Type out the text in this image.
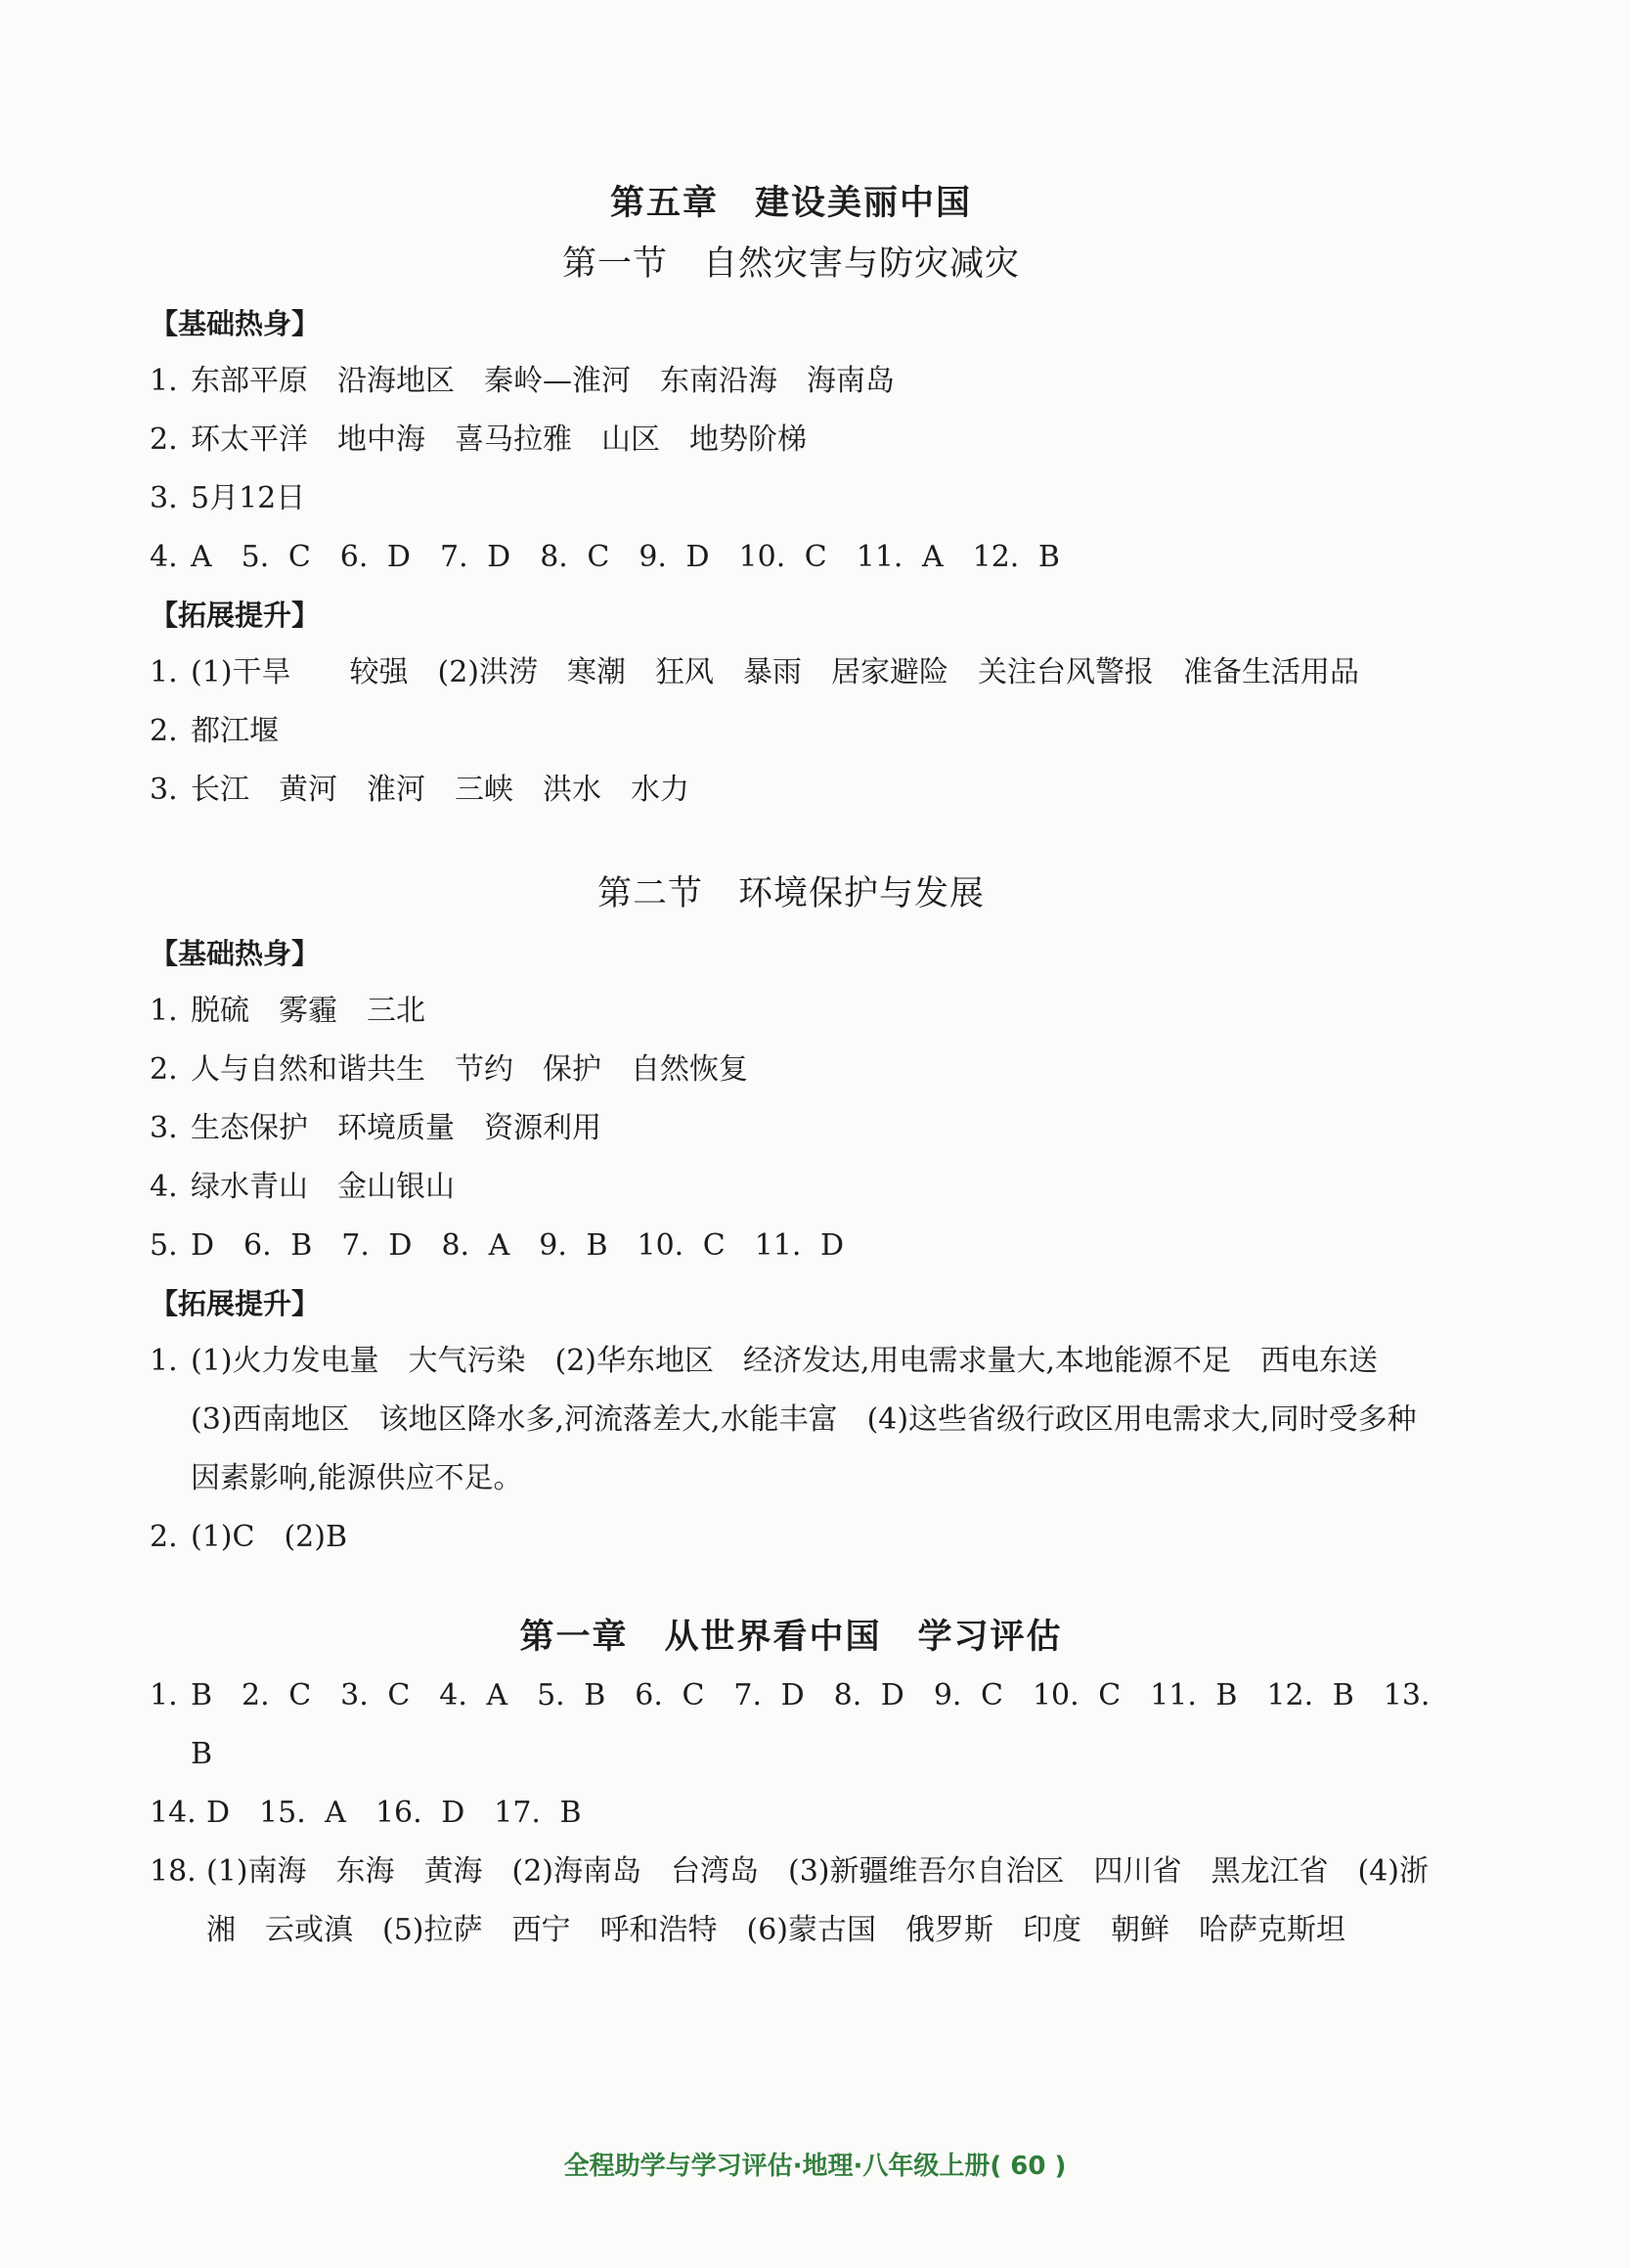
第五章　建设美丽中国
第一节　自然灾害与防灾减灾
【基础热身】
1. 东部平原　沿海地区　秦岭—淮河　东南沿海　海南岛
2. 环太平洋　地中海　喜马拉雅　山区　地势阶梯
3. 5月12日
4. A　5. C　6. D　7. D　8. C　9. D　10. C　11. A　12. B
【拓展提升】
1. (1)干旱　　较强　(2)洪涝　寒潮　狂风　暴雨　居家避险　关注台风警报　准备生活用品
2. 都江堰
3. 长江　黄河　淮河　三峡　洪水　水力
第二节　环境保护与发展
【基础热身】
1. 脱硫　雾霾　三北
2. 人与自然和谐共生　节约　保护　自然恢复
3. 生态保护　环境质量　资源利用
4. 绿水青山　金山银山
5. D　6. B　7. D　8. A　9. B　10. C　11. D
【拓展提升】
1. (1)火力发电量　大气污染　(2)华东地区　经济发达,用电需求量大,本地能源不足　西电东送　(3)西南地区　该地区降水多,河流落差大,水能丰富　(4)这些省级行政区用电需求大,同时受多种因素影响,能源供应不足。
2. (1)C　(2)B
第一章　从世界看中国　学习评估
1. B　2. C　3. C　4. A　5. B　6. C　7. D　8. D　9. C　10. C　11. B　12. B　13. B
14. D　15. A　16. D　17. B
18. (1)南海　东海　黄海　(2)海南岛　台湾岛　(3)新疆维吾尔自治区　四川省　黑龙江省　(4)浙　湘　云或滇　(5)拉萨　西宁　呼和浩特　(6)蒙古国　俄罗斯　印度　朝鲜　哈萨克斯坦
全程助学与学习评估·地理·八年级上册( 60 )
